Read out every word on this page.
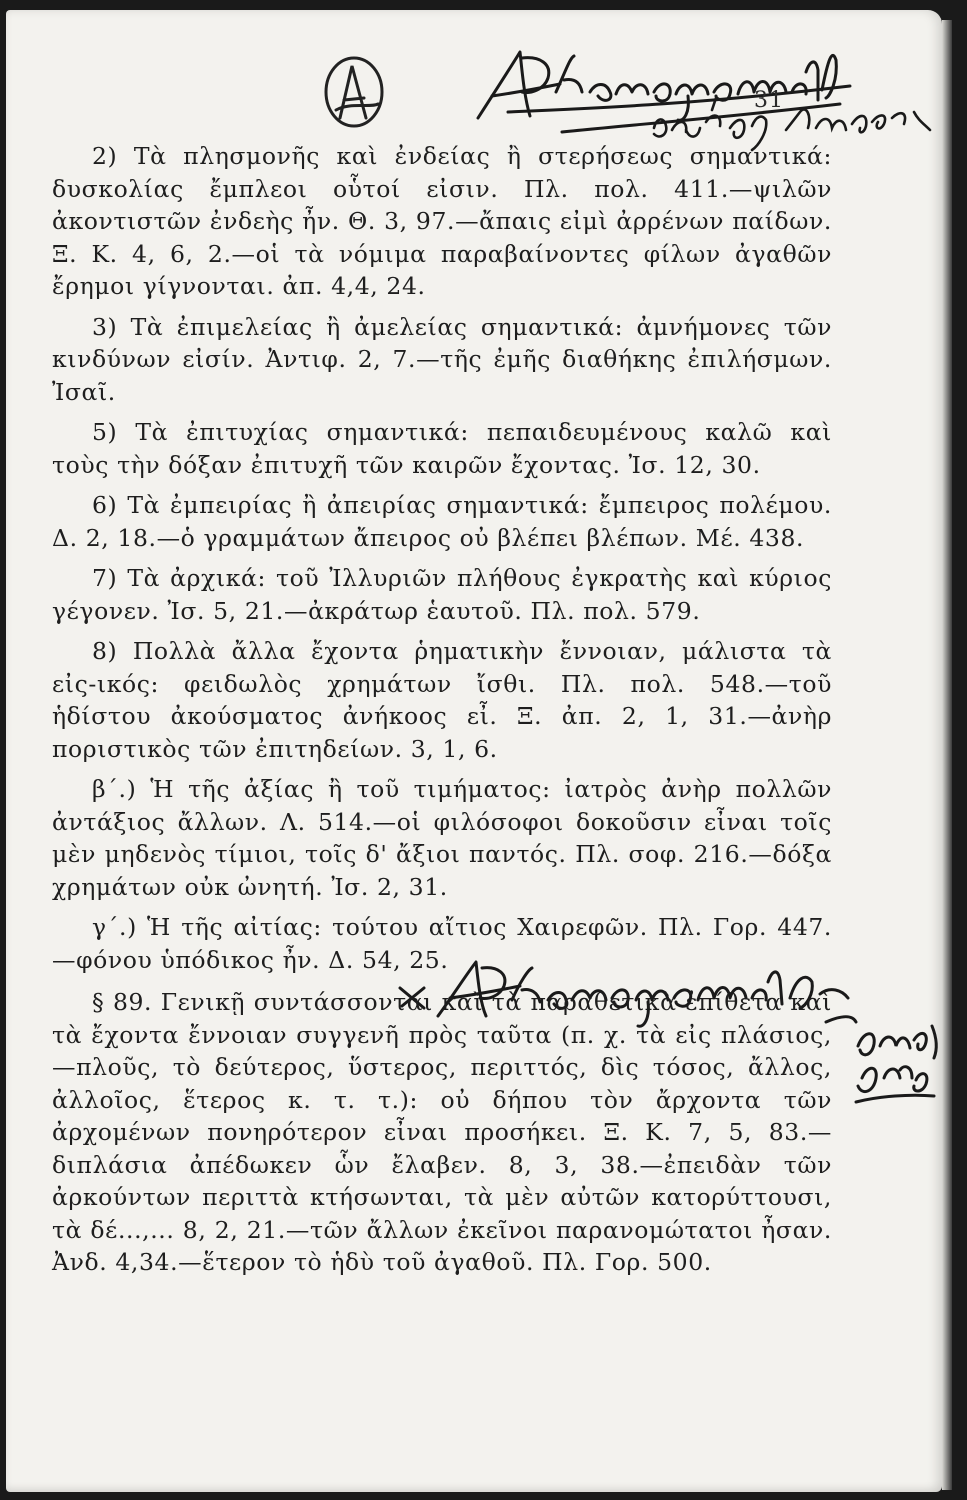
31

2) Τὰ πλησμονῆς καὶ ἐνδείας ἢ στερήσεως σημαντικά: δυσκολίας ἔμπλεοι οὗτοί εἰσιν. Πλ. πολ. 411.—ψιλῶν ἀκοντιστῶν ἐνδεὴς ἦν. Θ. 3, 97.—ἄπαις εἰμὶ ἀρρένων παίδων. Ξ. Κ. 4, 6, 2.—οἱ τὰ νόμιμα παραβαίνοντες φίλων ἀγαθῶν ἔρημοι γίγνονται. ἀπ. 4,4, 24.

3) Τὰ ἐπιμελείας ἢ ἀμελείας σημαντικά: ἀμνήμονες τῶν κινδύνων εἰσίν. Ἀντιφ. 2, 7.—τῆς ἐμῆς διαθήκης ἐπιλήσμων. Ἰσαῖ.

5) Τὰ ἐπιτυχίας σημαντικά: πεπαιδευμένους καλῶ καὶ τοὺς τὴν δόξαν ἐπιτυχῆ τῶν καιρῶν ἔχοντας. Ἰσ. 12, 30.

6) Τὰ ἐμπειρίας ἢ ἀπειρίας σημαντικά: ἔμπειρος πολέμου. Δ. 2, 18.—ὁ γραμμάτων ἄπειρος οὐ βλέπει βλέπων. Μέ. 438.

7) Τὰ ἀρχικά: τοῦ Ἰλλυριῶν πλήθους ἐγκρατὴς καὶ κύριος γέγονεν. Ἰσ. 5, 21.—ἀκράτωρ ἑαυτοῦ. Πλ. πολ. 579.

8) Πολλὰ ἄλλα ἔχοντα ῥηματικὴν ἔννοιαν, μάλιστα τὰ εἰς-ικός: φειδωλὸς χρημάτων ἴσθι. Πλ. πολ. 548.—τοῦ ἡδίστου ἀκούσματος ἀνήκοος εἶ. Ξ. ἀπ. 2, 1, 31.—ἀνὴρ ποριστικὸς τῶν ἐπιτηδείων. 3, 1, 6.

β΄.) Ἡ τῆς ἀξίας ἢ τοῦ τιμήματος: ἰατρὸς ἀνὴρ πολλῶν ἀντάξιος ἄλλων. Λ. 514.—οἱ φιλόσοφοι δοκοῦσιν εἶναι τοῖς μὲν μηδενὸς τίμιοι, τοῖς δ' ἄξιοι παντός. Πλ. σοφ. 216.—δόξα χρημάτων οὐκ ὠνητή. Ἰσ. 2, 31.

γ΄.) Ἡ τῆς αἰτίας: τούτου αἴτιος Χαιρεφῶν. Πλ. Γορ. 447.—φόνου ὑπόδικος ἦν. Δ. 54, 25.

§ 89. Γενικῇ συντάσσονται καὶ τὰ παραθετικὰ ἐπίθετα καὶ τὰ ἔχοντα ἔννοιαν συγγενῆ πρὸς ταῦτα (π. χ. τὰ εἰς πλάσιος,—πλοῦς, τὸ δεύτερος, ὕστερος, περιττός, δὶς τόσος, ἄλλος, ἀλλοῖος, ἕτερος κ. τ. τ.): οὐ δήπου τὸν ἄρχοντα τῶν ἀρχομένων πονηρότερον εἶναι προσήκει. Ξ. Κ. 7, 5, 83.—διπλάσια ἀπέδωκεν ὧν ἔλαβεν. 8, 3, 38.—ἐπειδὰν τῶν ἀρκούντων περιττὰ κτήσωνται, τὰ μὲν αὐτῶν κατορύττουσι, τὰ δέ...,... 8, 2, 21.—τῶν ἄλλων ἐκεῖνοι παρανομώτατοι ἦσαν. Ἀνδ. 4,34.—ἕτερον τὸ ἡδὺ τοῦ ἀγαθοῦ. Πλ. Γορ. 500.
